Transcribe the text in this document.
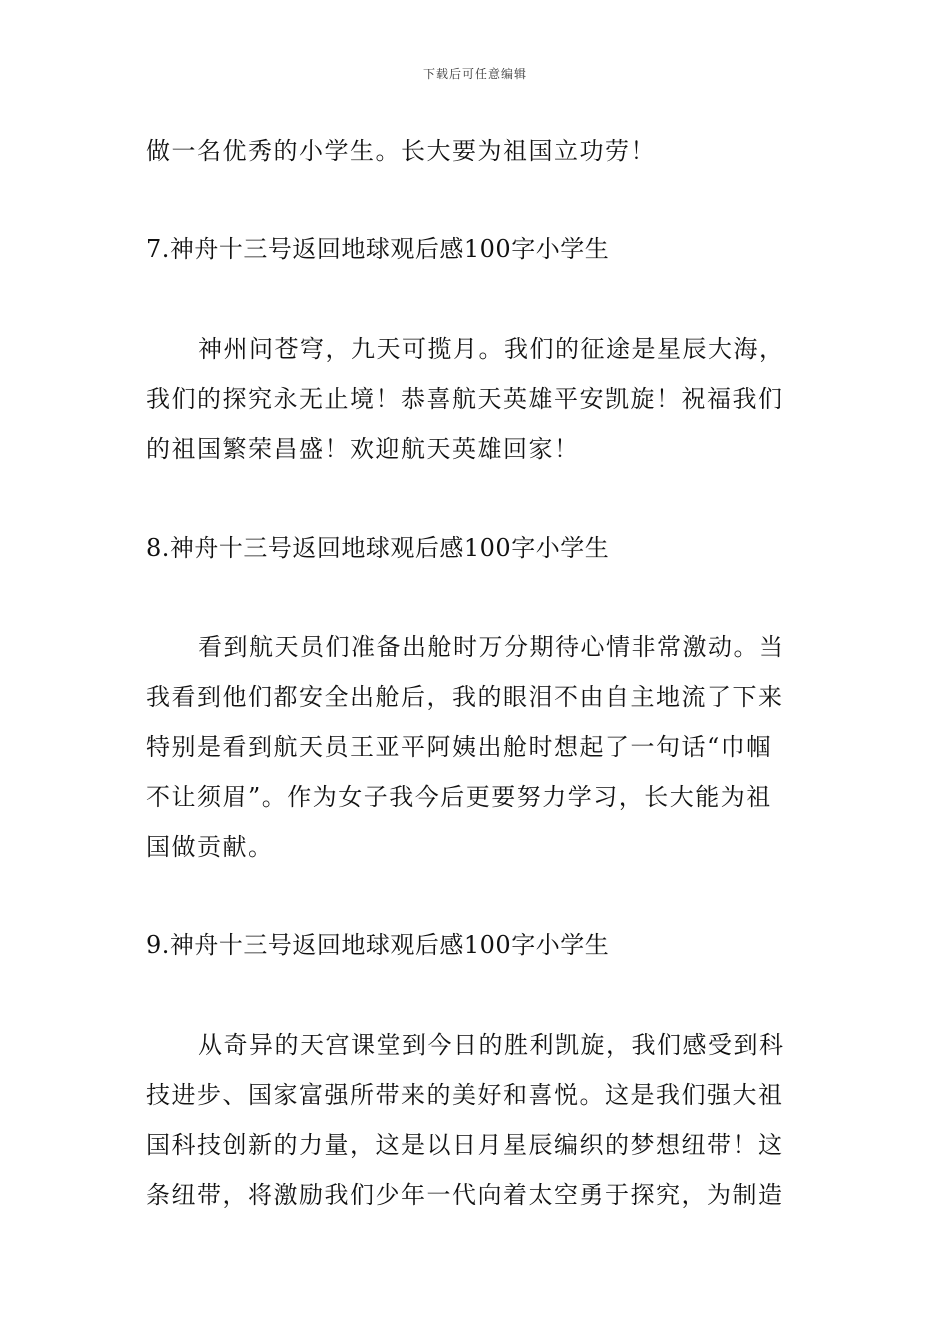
下载后可任意编辑
做一名优秀的小学生。长大要为祖国立功劳！
7.神舟十三号返回地球观后感100字小学生
神州问苍穹，九天可揽月。我们的征途是星辰大海，
我们的探究永无止境！恭喜航天英雄平安凯旋！祝福我们
的祖国繁荣昌盛！欢迎航天英雄回家！
8.神舟十三号返回地球观后感100字小学生
看到航天员们准备出舱时万分期待心情非常激动。当
我看到他们都安全出舱后，我的眼泪不由自主地流了下来
特别是看到航天员王亚平阿姨出舱时想起了一句话“巾帼
不让须眉”。作为女子我今后更要努力学习，长大能为祖
国做贡献。
9.神舟十三号返回地球观后感100字小学生
从奇异的天宫课堂到今日的胜利凯旋，我们感受到科
技进步、国家富强所带来的美好和喜悦。这是我们强大祖
国科技创新的力量，这是以日月星辰编织的梦想纽带！这
条纽带，将激励我们少年一代向着太空勇于探究，为制造
